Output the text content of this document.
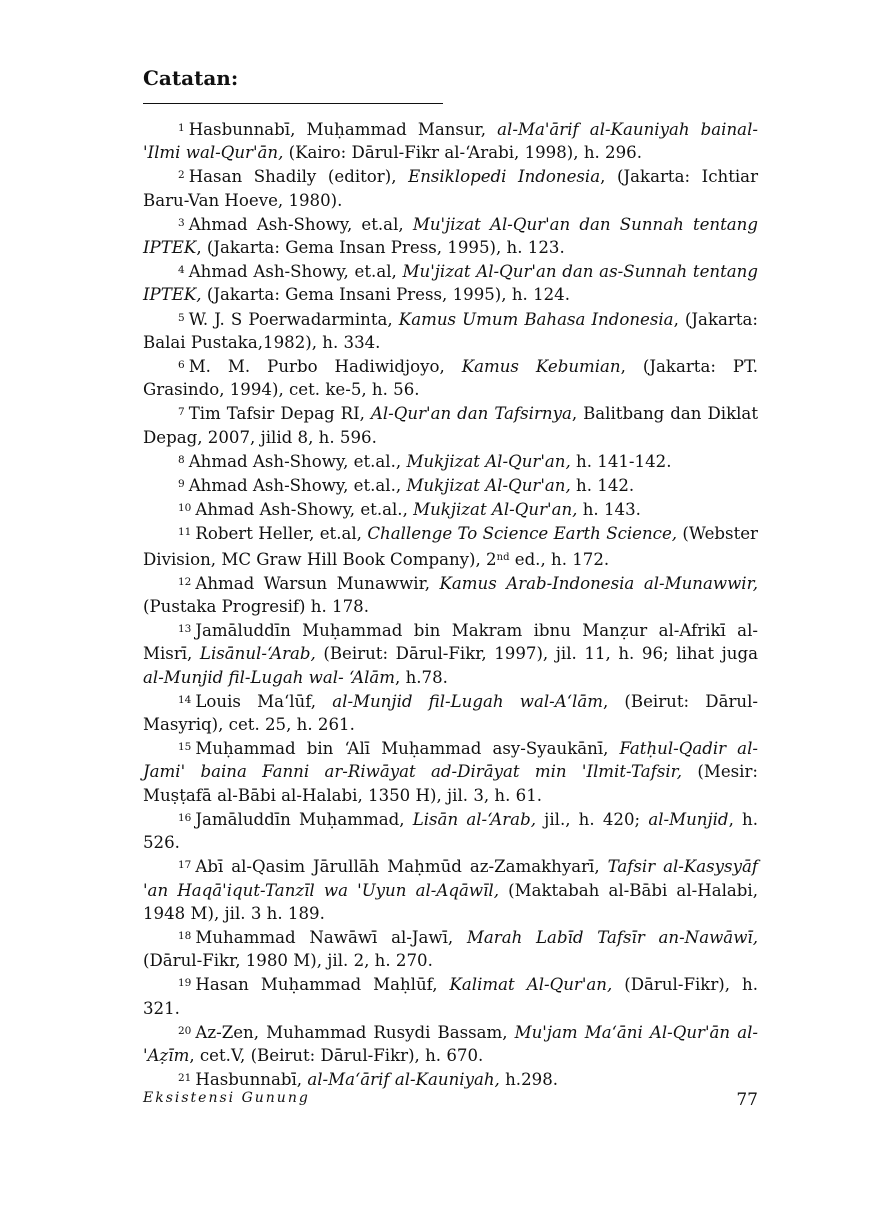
Catatan:

$^1$ Hasbunnabī, Muḥammad Mansur, al-Ma'ārif al-Kauniyah bainal-'Ilmi wal-Qur'ān, (Kairo: Dārul-Fikr al-‘Arabi, 1998), h. 296.

$^2$ Hasan Shadily (editor), Ensiklopedi Indonesia, (Jakarta: Ichtiar Baru-Van Hoeve, 1980).

$^3$ Ahmad Ash-Showy, et.al, Mu'jizat Al-Qur'an dan Sunnah tentang IPTEK, (Jakarta: Gema Insan Press, 1995), h. 123.

$^4$ Ahmad Ash-Showy, et.al, Mu'jizat Al-Qur'an dan as-Sunnah tentang IPTEK, (Jakarta: Gema Insani Press, 1995), h. 124.

$^5$ W. J. S Poerwadarminta, Kamus Umum Bahasa Indonesia, (Jakarta: Balai Pustaka,1982), h. 334.

$^6$ M. M. Purbo Hadiwidjoyo, Kamus Kebumian, (Jakarta: PT. Grasindo, 1994), cet. ke-5, h. 56.

$^7$ Tim Tafsir Depag RI, Al-Qur'an dan Tafsirnya, Balitbang dan Diklat Depag, 2007, jilid 8, h. 596.

$^8$ Ahmad Ash-Showy, et.al., Mukjizat Al-Qur'an, h. 141-142.

$^9$ Ahmad Ash-Showy, et.al., Mukjizat Al-Qur'an, h. 142.

$^{10}$ Ahmad Ash-Showy, et.al., Mukjizat Al-Qur'an, h. 143.

$^{11}$ Robert Heller, et.al, Challenge To Science Earth Science, (Webster Division, MC Graw Hill Book Company), 2nd ed., h. 172.

$^{12}$ Ahmad Warsun Munawwir, Kamus Arab-Indonesia al-Munawwir, (Pustaka Progresif) h. 178.

$^{13}$ Jamāluddīn Muḥammad bin Makram ibnu Manẓur al-Afrikī al-Misrī, Lisānul-‘Arab, (Beirut: Dārul-Fikr, 1997), jil. 11, h. 96; lihat juga al-Munjid fil-Lugah wal- ‘Alām, h.78.

$^{14}$ Louis Ma‘lūf, al-Munjid fil-Lugah wal-A‘lām, (Beirut: Dārul-Masyriq), cet. 25, h. 261.

$^{15}$ Muḥammad bin ‘Alī Muḥammad asy-Syaukānī, Fatḥul-Qadir al-Jami' baina Fanni ar-Riwāyat ad-Dirāyat min 'Ilmit-Tafsir, (Mesir: Muṣṭafā al-Bābi al-Halabi, 1350 H), jil. 3, h. 61.

$^{16}$ Jamāluddīn Muḥammad, Lisān al-‘Arab, jil., h. 420; al-Munjid, h. 526.

$^{17}$ Abī al-Qasim Jārullāh Maḥmūd az-Zamakhyarī, Tafsir al-Kasysyāf 'an Haqā'iqut-Tanzīl wa 'Uyun al-Aqāwīl, (Maktabah al-Bābi al-Halabi, 1948 M), jil. 3 h. 189.

$^{18}$ Muhammad Nawāwī al-Jawī, Marah Labīd Tafsīr an-Nawāwī, (Dārul-Fikr, 1980 M), jil. 2, h. 270.

$^{19}$ Hasan Muḥammad Maḥlūf, Kalimat Al-Qur'an, (Dārul-Fikr), h. 321.

$^{20}$ Az-Zen, Muhammad Rusydi Bassam, Mu'jam Ma‘āni Al-Qur'ān al-'Aẓīm, cet.V, (Beirut: Dārul-Fikr), h. 670.

$^{21}$ Hasbunnabī, al-Ma‘ārif al-Kauniyah, h.298.

Eksistensi Gunung	77
